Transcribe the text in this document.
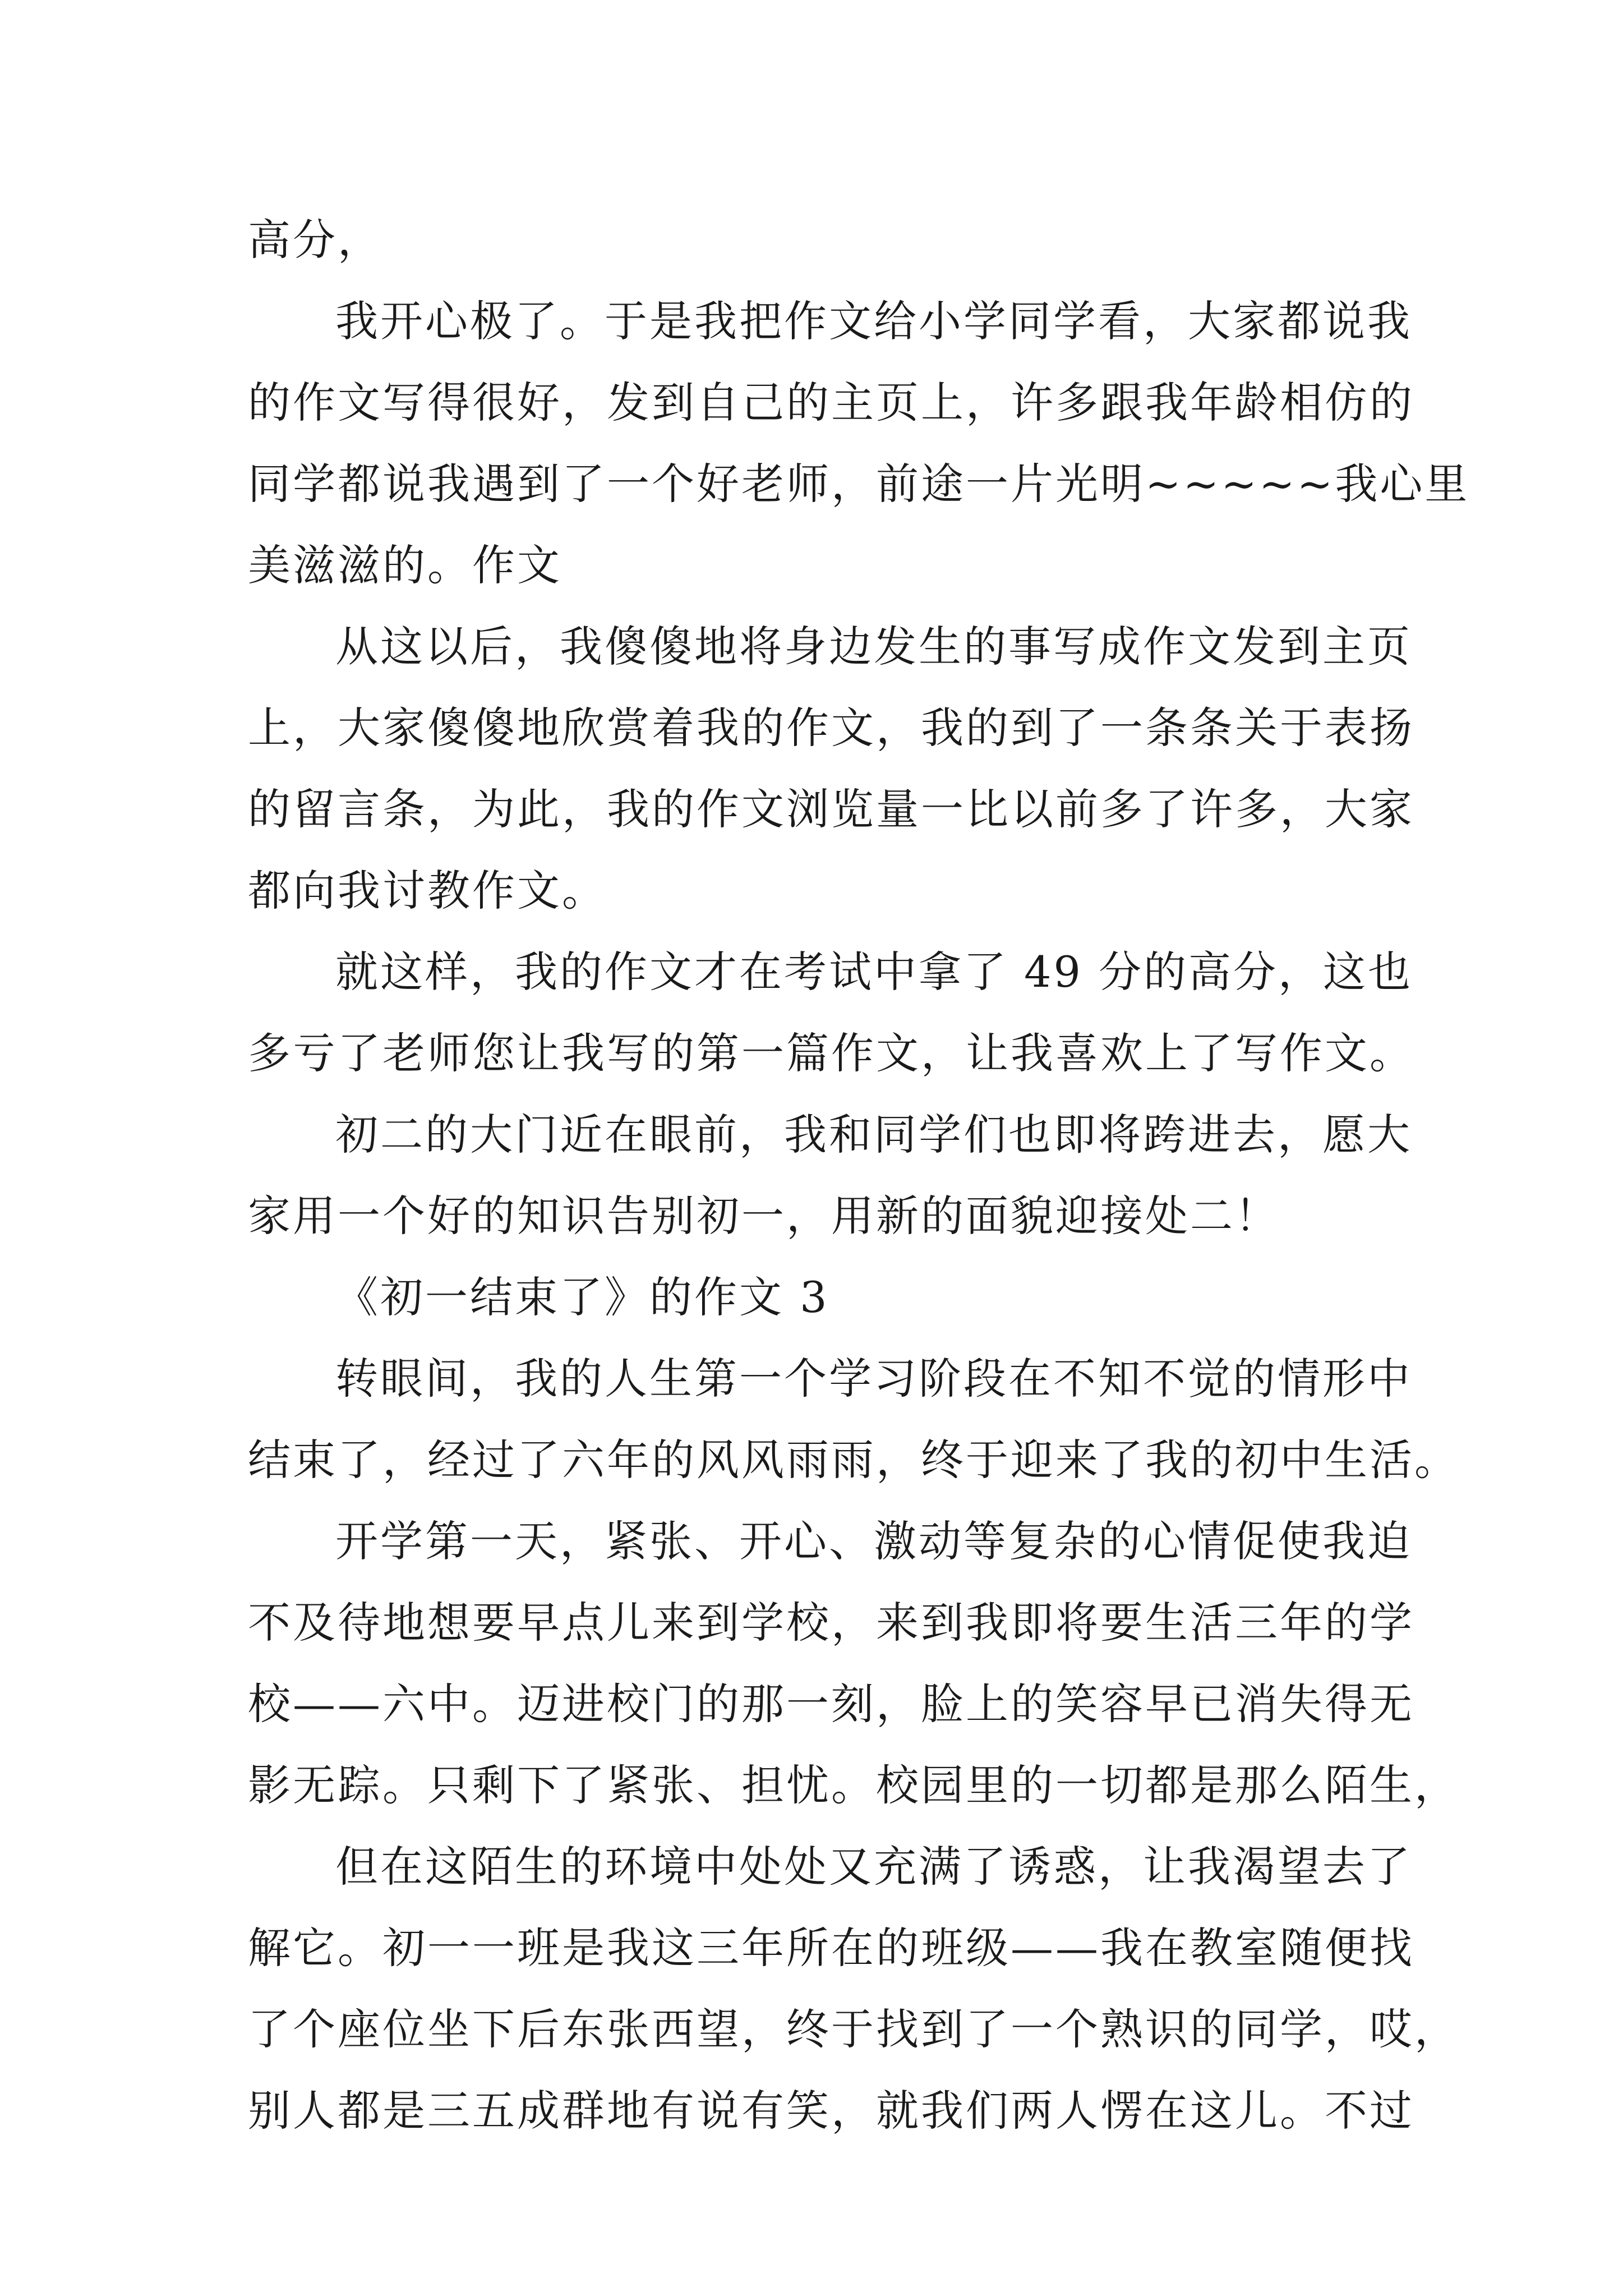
高分，
我开心极了。于是我把作文给小学同学看，大家都说我
的作文写得很好，发到自己的主页上，许多跟我年龄相仿的
同学都说我遇到了一个好老师，前途一片光明~~~~~我心里
美滋滋的。作文
从这以后，我傻傻地将身边发生的事写成作文发到主页
上，大家傻傻地欣赏着我的作文，我的到了一条条关于表扬
的留言条，为此，我的作文浏览量一比以前多了许多，大家
都向我讨教作文。
就这样，我的作文才在考试中拿了 49 分的高分，这也
多亏了老师您让我写的第一篇作文，让我喜欢上了写作文。
初二的大门近在眼前，我和同学们也即将跨进去，愿大
家用一个好的知识告别初一，用新的面貌迎接处二！
《初一结束了》的作文 3
转眼间，我的人生第一个学习阶段在不知不觉的情形中
结束了，经过了六年的风风雨雨，终于迎来了我的初中生活。
开学第一天，紧张、开心、激动等复杂的心情促使我迫
不及待地想要早点儿来到学校，来到我即将要生活三年的学
校——六中。迈进校门的那一刻，脸上的笑容早已消失得无
影无踪。只剩下了紧张、担忧。校园里的一切都是那么陌生，
但在这陌生的环境中处处又充满了诱惑，让我渴望去了
解它。初一一班是我这三年所在的班级——我在教室随便找
了个座位坐下后东张西望，终于找到了一个熟识的同学，哎，
别人都是三五成群地有说有笑，就我们两人愣在这儿。不过
